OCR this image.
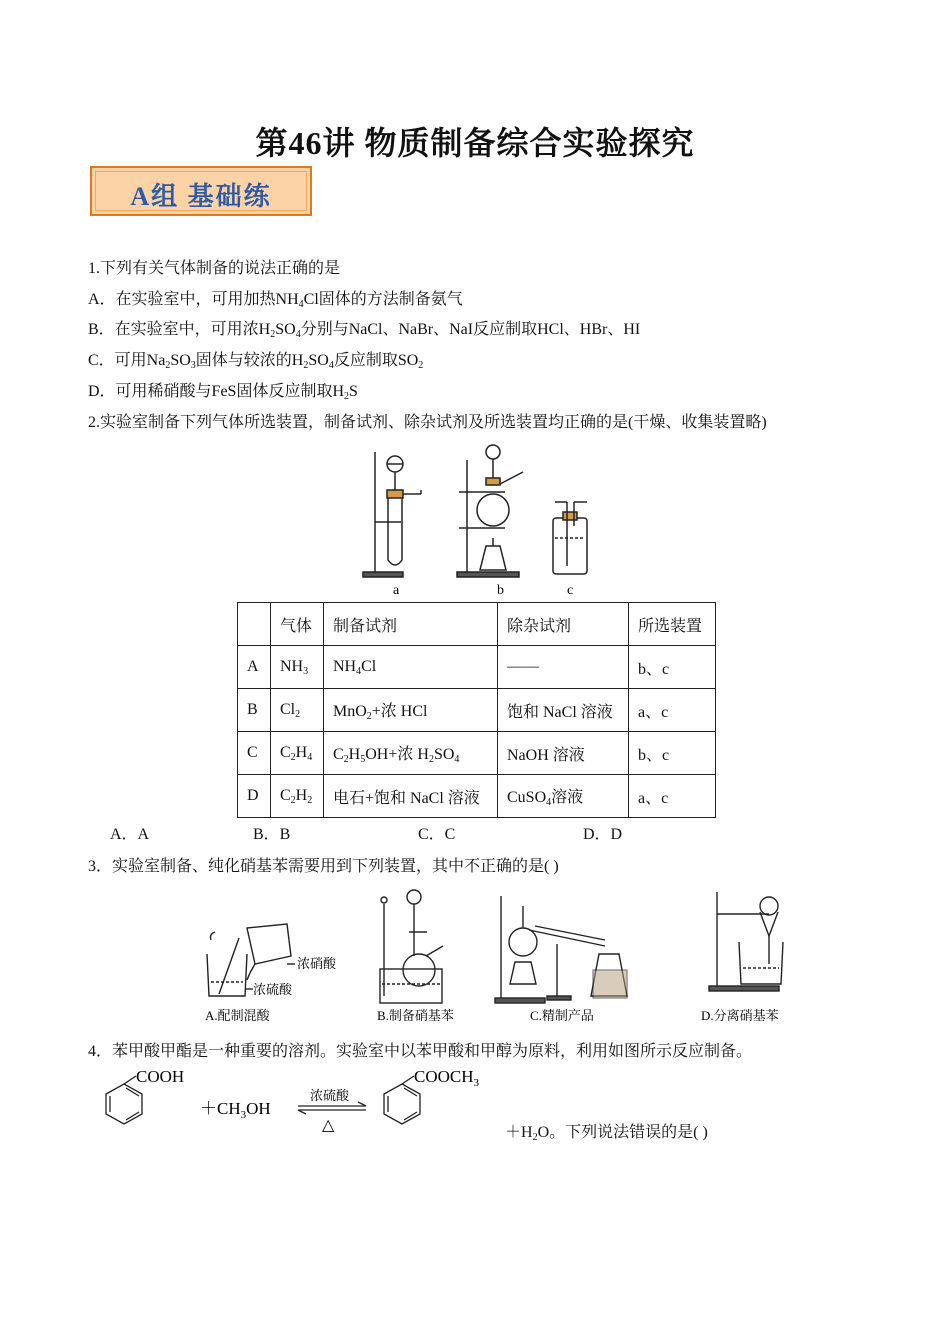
第46讲 物质制备综合实验探究
A组 基础练
1.下列有关气体制备的说法正确的是
A．在实验室中，可用加热$NH_4Cl$固体的方法制备氨气
B．在实验室中，可用浓$H_2SO_4$分别与NaCl、NaBr、NaI反应制取HCl、HBr、HI
C．可用$Na_2SO_3$固体与较浓的$H_2SO_4$反应制取$SO_2$
D．可用稀硝酸与FeS固体反应制取$H_2S$
2.实验室制备下列气体所选装置，制备试剂、除杂试剂及所选装置均正确的是(干燥、收集装置略)
a	b	c
	气体	制备试剂	除杂试剂	所选装置
A	$NH_3$	$NH_4Cl$	——	b、c
B	$Cl_2$	MnO$_2$+浓 HCl	饱和 NaCl 溶液	a、c
C	$C_2H_4$	$C_2H_5OH+$浓 $H_2SO_4$	NaOH 溶液	b、c
D	$C_2H_2$	电石+饱和 NaCl 溶液	CuSO$_4$溶液	a、c
A．A	B．B	C．C	D．D
3．实验室制备、纯化硝基苯需要用到下列装置，其中不正确的是( )
浓硝酸
浓硫酸
A.配制混酸	B.制备硝基苯	C.精制产品	D.分离硝基苯
4．苯甲酸甲酯是一种重要的溶剂。实验室中以苯甲酸和甲醇为原料，利用如图所示反应制备。
COOH
$+CH_3OH$
浓硫酸
△
$COOCH_3$
$+H_2O$。下列说法错误的是( )
